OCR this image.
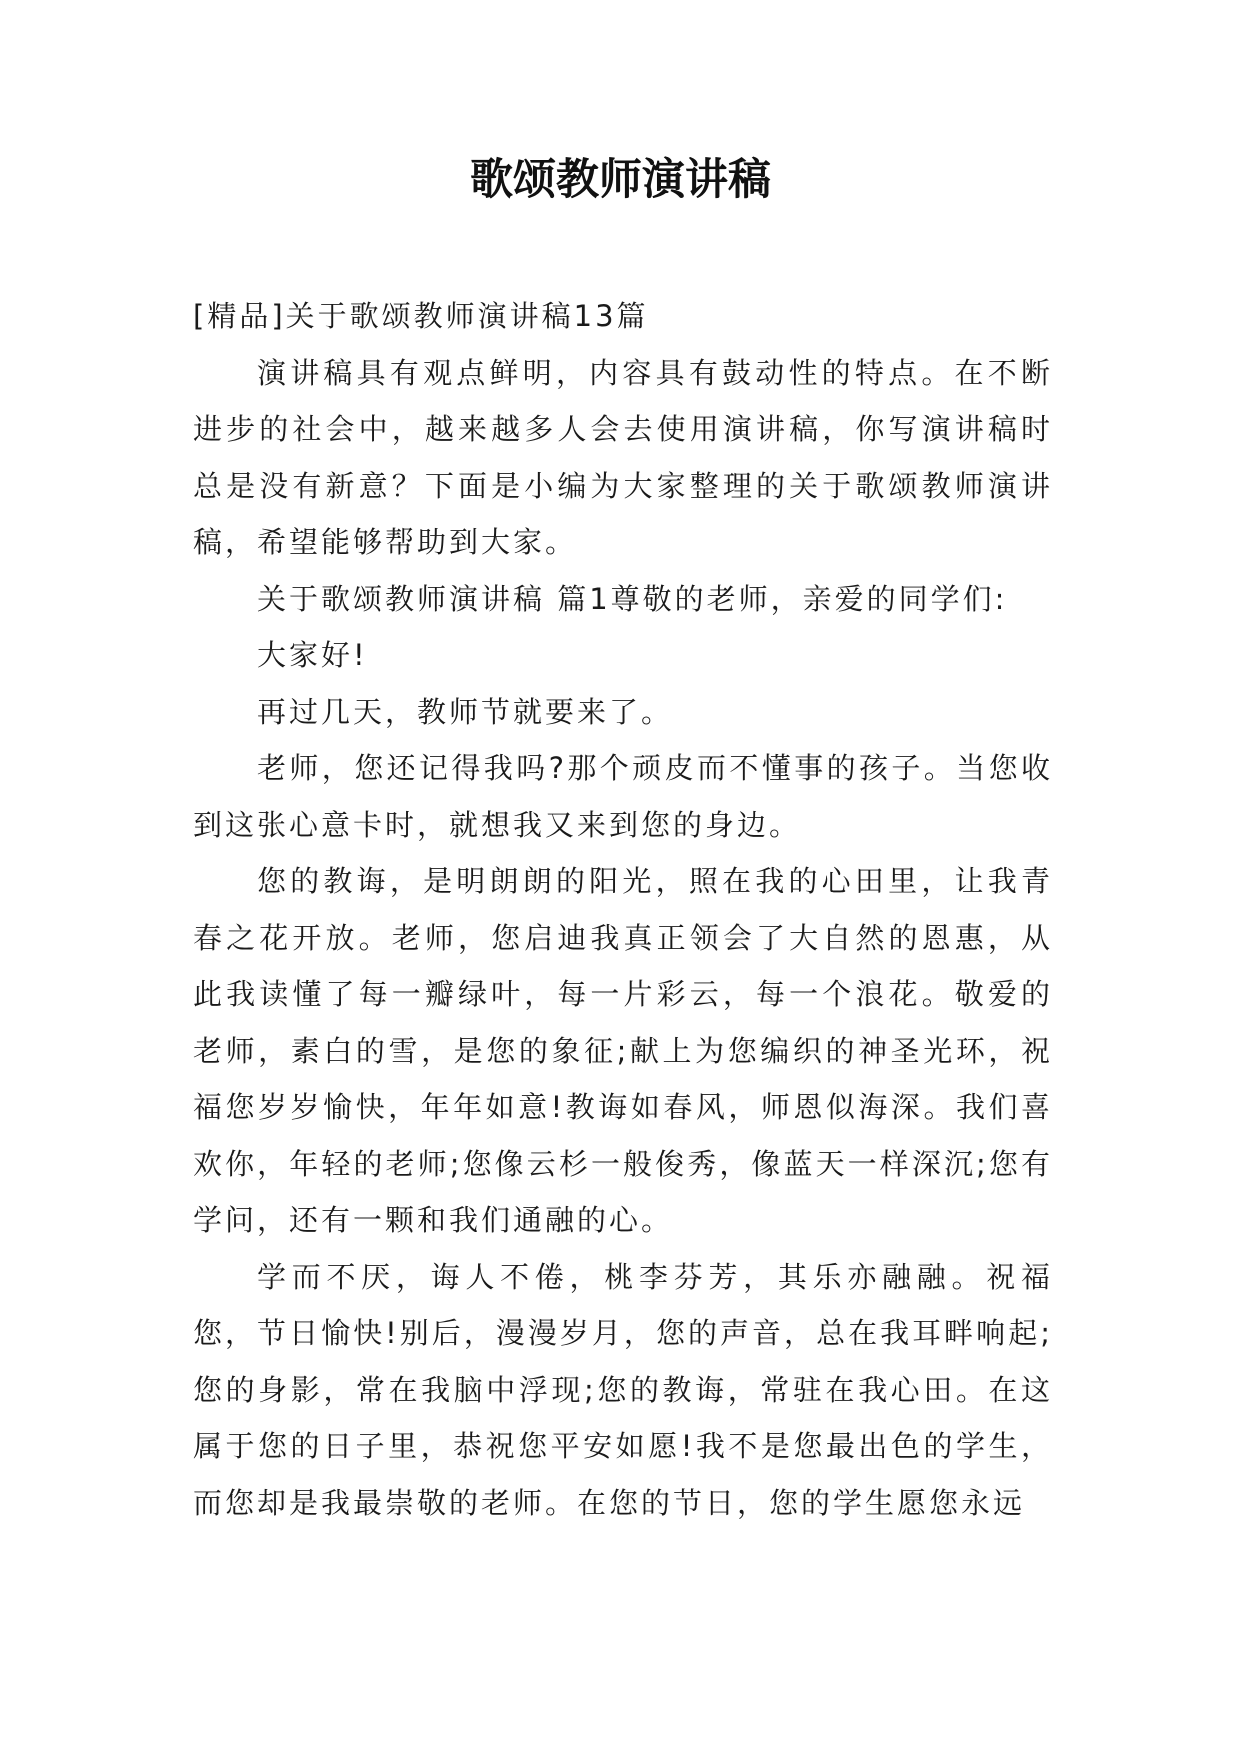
歌颂教师演讲稿

[精品]关于歌颂教师演讲稿13篇

演讲稿具有观点鲜明，内容具有鼓动性的特点。在不断进步的社会中，越来越多人会去使用演讲稿，你写演讲稿时总是没有新意？下面是小编为大家整理的关于歌颂教师演讲稿，希望能够帮助到大家。

关于歌颂教师演讲稿 篇1尊敬的老师，亲爱的同学们:

大家好!

再过几天，教师节就要来了。

老师，您还记得我吗?那个顽皮而不懂事的孩子。当您收到这张心意卡时，就想我又来到您的身边。

您的教诲，是明朗朗的阳光，照在我的心田里，让我青春之花开放。老师，您启迪我真正领会了大自然的恩惠，从此我读懂了每一瓣绿叶，每一片彩云，每一个浪花。敬爱的老师，素白的雪，是您的象征;献上为您编织的神圣光环，祝福您岁岁愉快，年年如意!教诲如春风，师恩似海深。我们喜欢你，年轻的老师;您像云杉一般俊秀，像蓝天一样深沉;您有学问，还有一颗和我们通融的心。

学而不厌，诲人不倦，桃李芬芳，其乐亦融融。祝福您，节日愉快!别后，漫漫岁月，您的声音，总在我耳畔响起;您的身影，常在我脑中浮现;您的教诲，常驻在我心田。在这属于您的日子里，恭祝您平安如愿!我不是您最出色的学生，而您却是我最崇敬的老师。在您的节日，您的学生愿您永远
